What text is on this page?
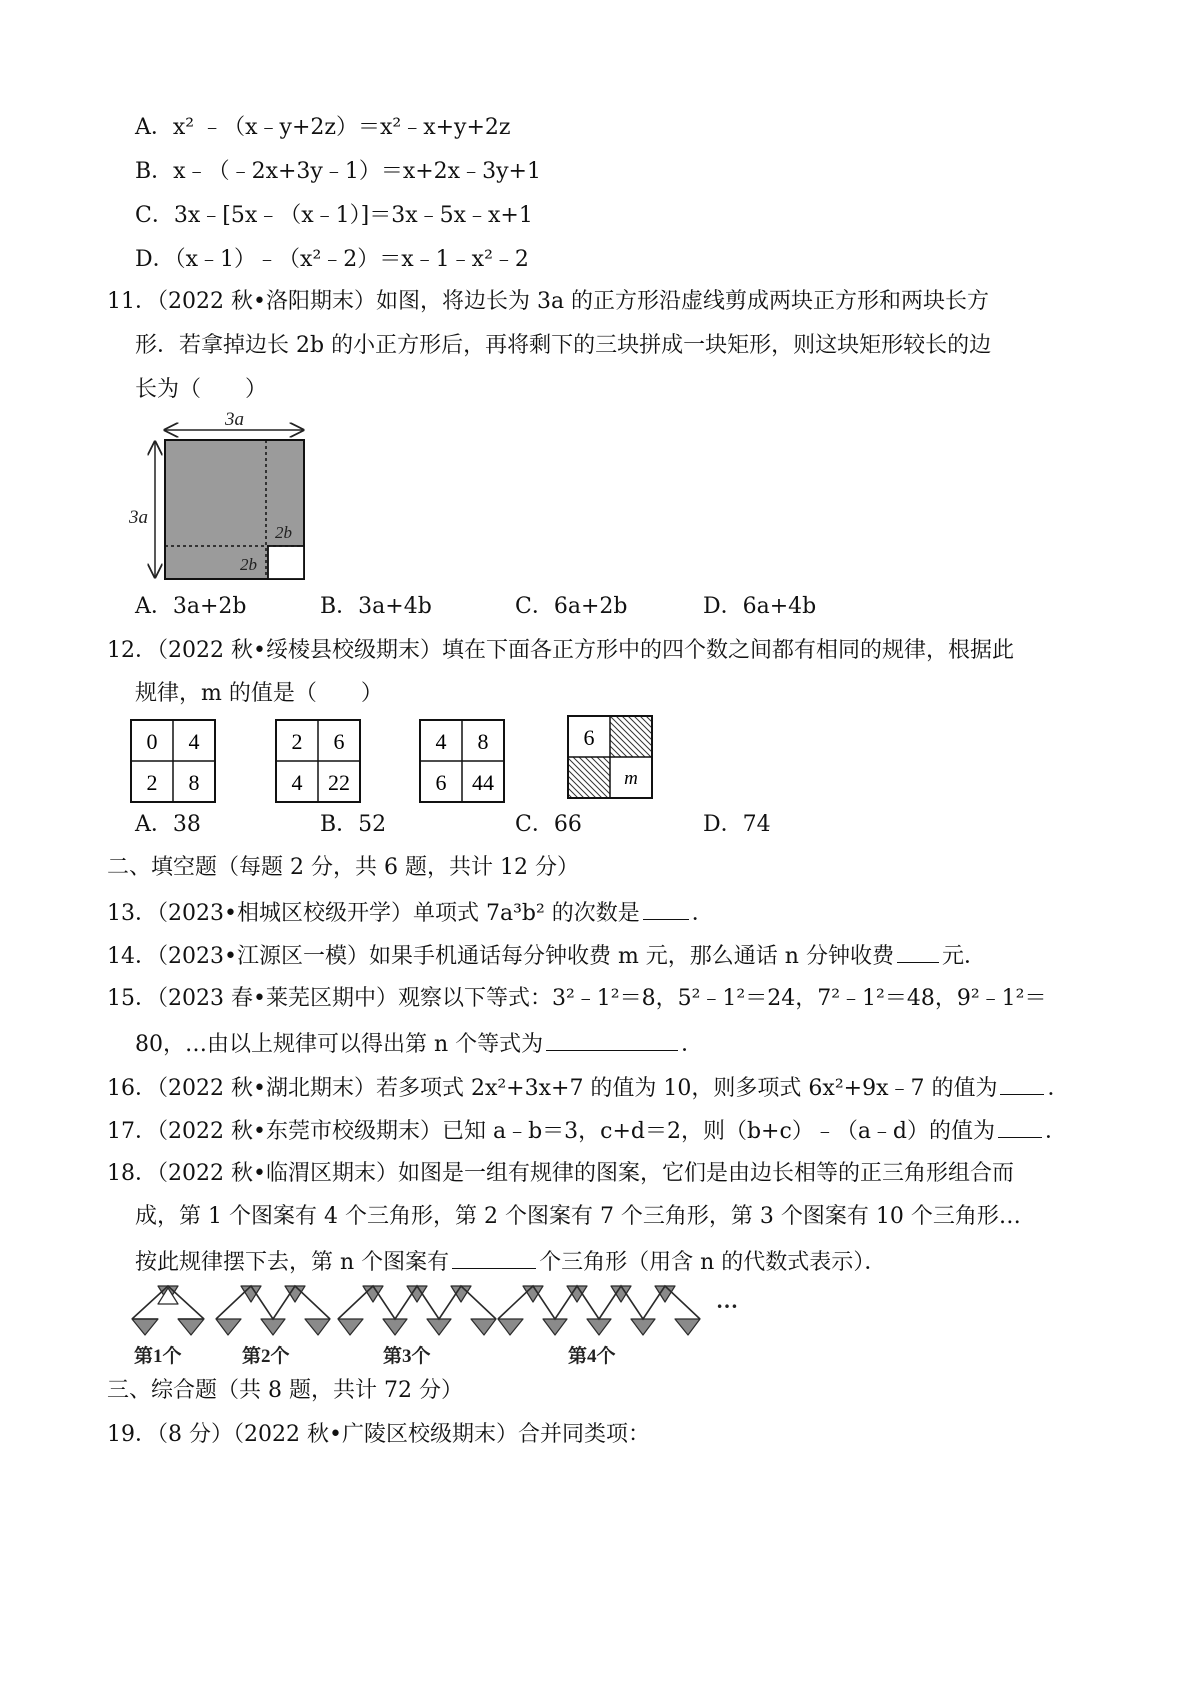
A．x² ﹣（x﹣y+2z）＝x²﹣x+y+2z
B．x﹣（﹣2x+3y﹣1）＝x+2x﹣3y+1
C．3x﹣[5x﹣（x﹣1）]＝3x﹣5x﹣x+1
D．（x﹣1）﹣（x²﹣2）＝x﹣1﹣x²﹣2
11．（2022 秋•洛阳期末）如图，将边长为 3a 的正方形沿虚线剪成两块正方形和两块长方
形．若拿掉边长 2b 的小正方形后，再将剩下的三块拼成一块矩形，则这块矩形较长的边
长为（　　）
3a
3a
2b
2b
A．3a+2b	B．3a+4b	C．6a+2b	D．6a+4b
12．（2022 秋•绥棱县校级期末）填在下面各正方形中的四个数之间都有相同的规律，根据此
规律，m 的值是（　　）
0 4
2 8
2 6
4 22
4 8
6 44
6
m
A．38	B．52	C．66	D．74
二、填空题（每题 2 分，共 6 题，共计 12 分）
13．（2023•相城区校级开学）单项式 7a³b² 的次数是 ．
14．（2023•江源区一模）如果手机通话每分钟收费 m 元，那么通话 n 分钟收费 元．
15．（2023 春•莱芜区期中）观察以下等式：3²﹣1²＝8，5²﹣1²＝24，7²﹣1²＝48，9²﹣1²＝
80，…由以上规律可以得出第 n 个等式为	．
16．（2022 秋•湖北期末）若多项式 2x²+3x+7 的值为 10，则多项式 6x²+9x﹣7 的值为 ．
17．（2022 秋•东莞市校级期末）已知 a﹣b＝3，c+d＝2，则（b+c）﹣（a﹣d）的值为 ．
18．（2022 秋•临渭区期末）如图是一组有规律的图案，它们是由边长相等的正三角形组合而
成，第 1 个图案有 4 个三角形，第 2 个图案有 7 个三角形，第 3 个图案有 10 个三角形…
按此规律摆下去，第 n 个图案有	个三角形（用含 n 的代数式表示）．
…
第1个	第2个	第3个	第4个
三、综合题（共 8 题，共计 72 分）
19．（8 分）（2022 秋•广陵区校级期末）合并同类项：
